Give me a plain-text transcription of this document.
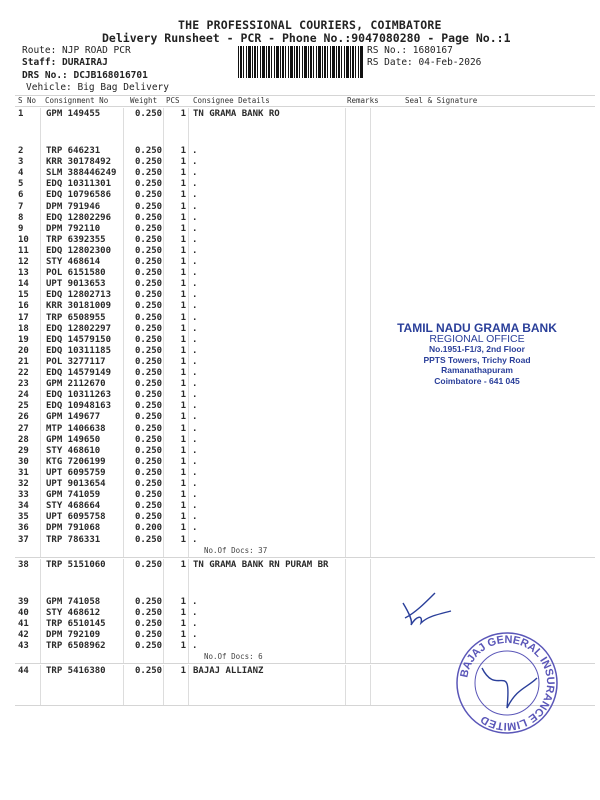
THE PROFESSIONAL COURIERS, COIMBATORE
Delivery Runsheet - PCR - Phone No.:9047080280 - Page No.:1
Route: NJP ROAD PCR
Staff: DURAIRAJ
DRS No.: DCJB168016701
Vehicle: Big Bag Delivery
RS No.: 1680167
RS Date: 04-Feb-2026
S No Consignment No	Weight PCS Consignee Details	Remarks	Seal & Signature
1	GPM 149455	0.250 1 TN GRAMA BANK RO
2	TRP 646231	0.250 1 .
3	KRR 30178492	0.250 1 .
4	SLM 388446249 0.250 1 .
5	EDQ 10311301	0.250 1 .
6	EDQ 10796586	0.250 1 .
7	DPM 791946	0.250 1 .
8	EDQ 12802296	0.250 1 .
9	DPM 792110	0.250 1 .
10 TRP 6392355	0.250 1 .
11 EDQ 12802300	0.250 1 .
12 STY 468614	0.250 1 .
13 POL 6151580	0.250 1 .
14 UPT 9013653	0.250 1 .
15 EDQ 12802713	0.250 1 .
16 KRR 30181009	0.250 1 .
17 TRP 6508955	0.250 1 .
18 EDQ 12802297	0.250 1 .
19 EDQ 14579150	0.250 1 .
20 EDQ 10311185	0.250 1 .
21 POL 3277117	0.250 1 .
22 EDQ 14579149	0.250 1 .
23 GPM 2112670	0.250 1 .
24 EDQ 10311263	0.250 1 .
25 EDQ 10948163	0.250 1 .
26 GPM 149677	0.250 1 .
27 MTP 1406638	0.250 1 .
28 GPM 149650	0.250 1 .
29 STY 468610	0.250 1 .
30 KTG 7206199	0.250 1 .
31 UPT 6095759	0.250 1 .
32 UPT 9013654	0.250 1 .
33 GPM 741059	0.250 1 .
34 STY 468664	0.250 1 .
35 UPT 6095758	0.250 1 .
36 DPM 791068	0.200 1 .
37 TRP 786331	0.250 1 .
No.Of Docs: 37
38 TRP 5151060	0.250 1 TN GRAMA BANK RN PURAM BR
39 GPM 741058	0.250 1 .
40 STY 468612	0.250 1 .
41 TRP 6510145	0.250 1 .
42 DPM 792109	0.250 1 .
43 TRP 6508962	0.250 1 .
No.Of Docs: 6
44 TRP 5416380	0.250 1 BAJAJ ALLIANZ
TAMIL NADU GRAMA BANK
REGIONAL OFFICE
No.1951-F1/3, 2nd Floor
PPTS Towers, Trichy Road
Ramanathapuram
Coimbatore - 641 045
BAJAJ GENERAL INSURANCE LIMITED
